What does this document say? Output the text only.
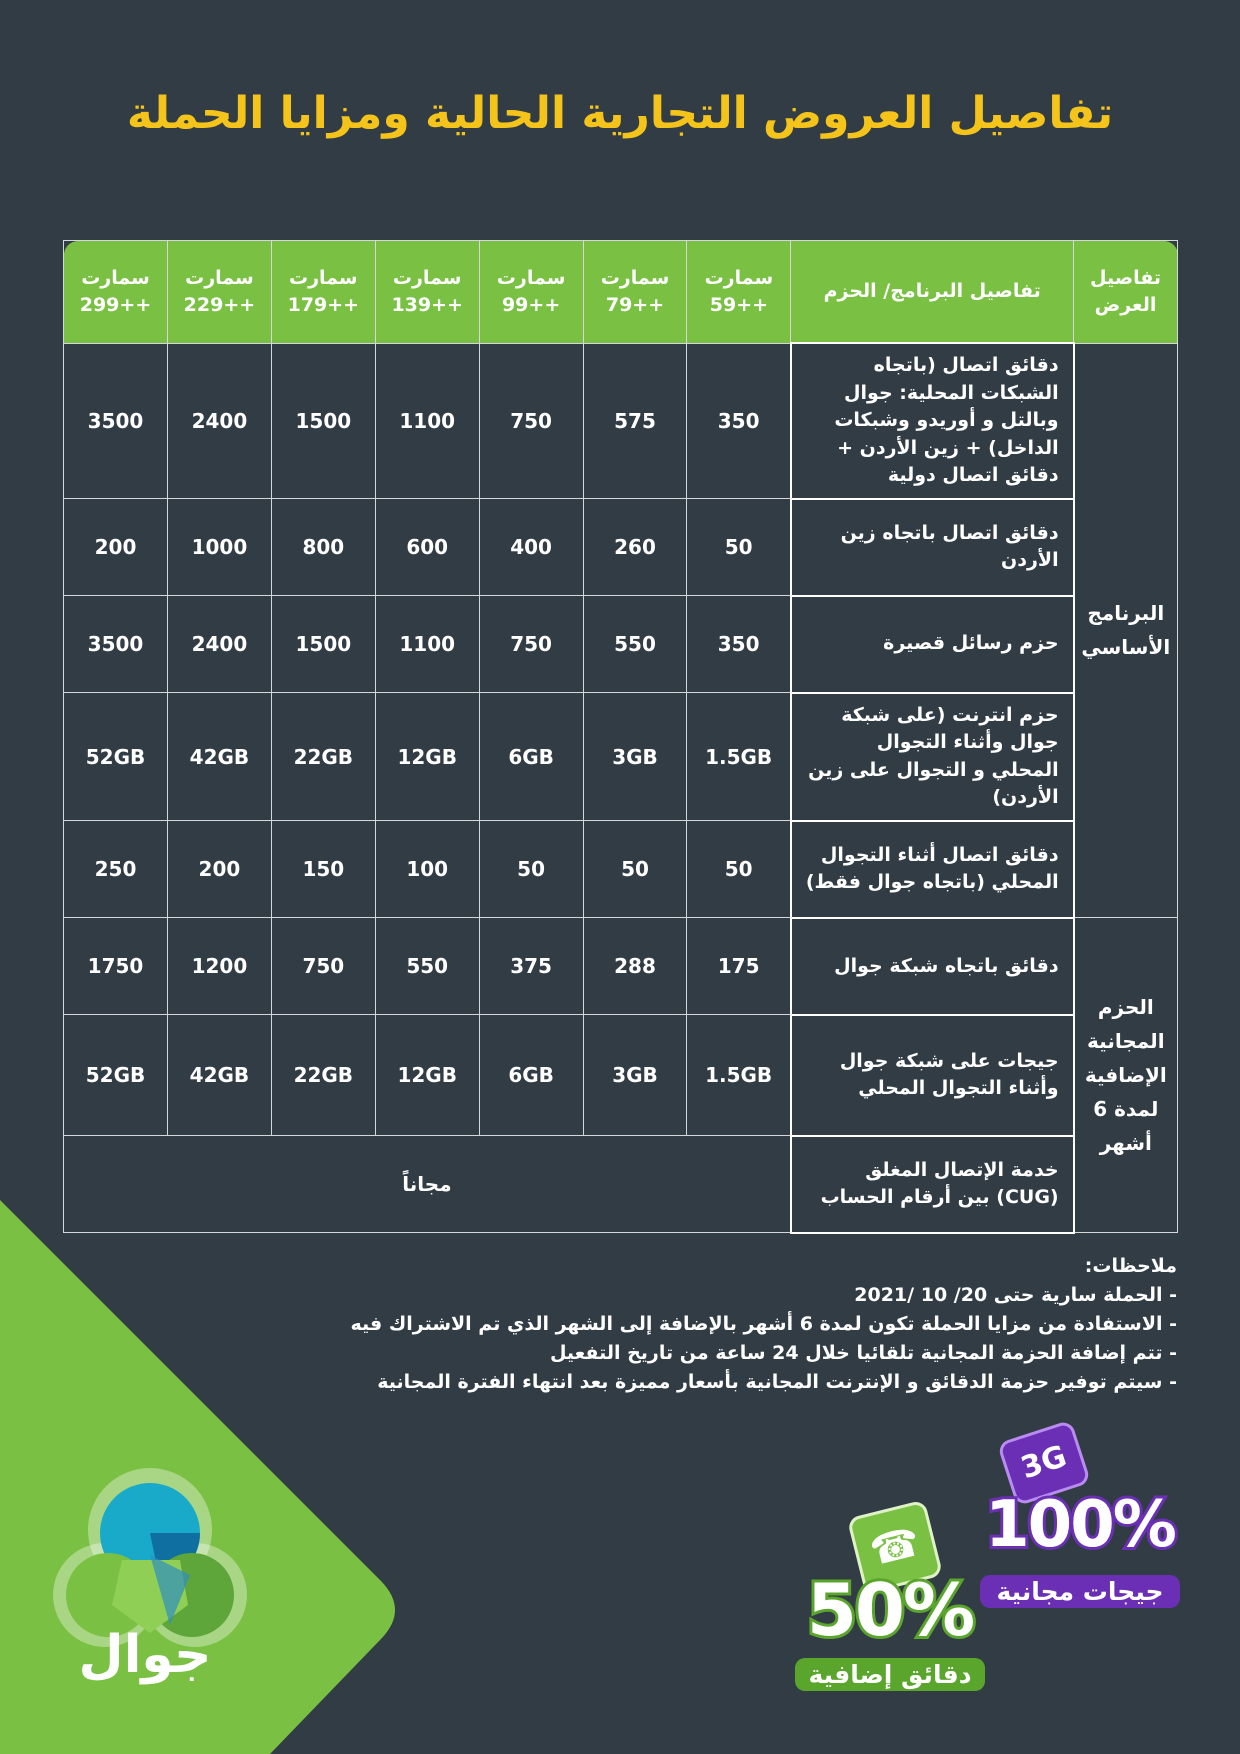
تفاصيل العروض التجارية الحالية ومزايا الحملة
تفاصيل العرض	تفاصيل البرنامج/ الحزم	سمارت ++59	سمارت ++79	سمارت ++99	سمارت ++139	سمارت ++179	سمارت ++229	سمارت ++299
البرنامج الأساسي	دقائق اتصال (باتجاه الشبكات المحلية: جوال وبالتل و أوريدو وشبكات الداخل) + زين الأردن + دقائق اتصال دولية	350	575	750	1100	1500	2400	3500
	دقائق اتصال باتجاه زين الأردن	50	260	400	600	800	1000	200
	حزم رسائل قصيرة	350	550	750	1100	1500	2400	3500
	حزم انترنت (على شبكة جوال وأثناء التجوال المحلي و التجوال على زين الأردن)	1.5GB	3GB	6GB	12GB	22GB	42GB	52GB
	دقائق اتصال أثناء التجوال المحلي (باتجاه جوال فقط)	50	50	50	100	150	200	250
الحزم المجانية الإضافية لمدة 6 أشهر	دقائق باتجاه شبكة جوال	175	288	375	550	750	1200	1750
	جيجات على شبكة جوال وأثناء التجوال المحلي	1.5GB	3GB	6GB	12GB	22GB	42GB	52GB
	خدمة الإتصال المغلق (CUG) بين أرقام الحساب	مجاناً						
ملاحظات:
- الحملة سارية حتى 20/ 10 /2021
- الاستفادة من مزايا الحملة تكون لمدة 6 أشهر بالإضافة إلى الشهر الذي تم الاشتراك فيه
- تتم إضافة الحزمة المجانية تلقائيا خلال 24 ساعة من تاريخ التفعيل
- سيتم توفير حزمة الدقائق و الإنترنت المجانية بأسعار مميزة بعد انتهاء الفترة المجانية
جوال
3G
100%
جيجات مجانية
☎
50%
دقائق إضافية
